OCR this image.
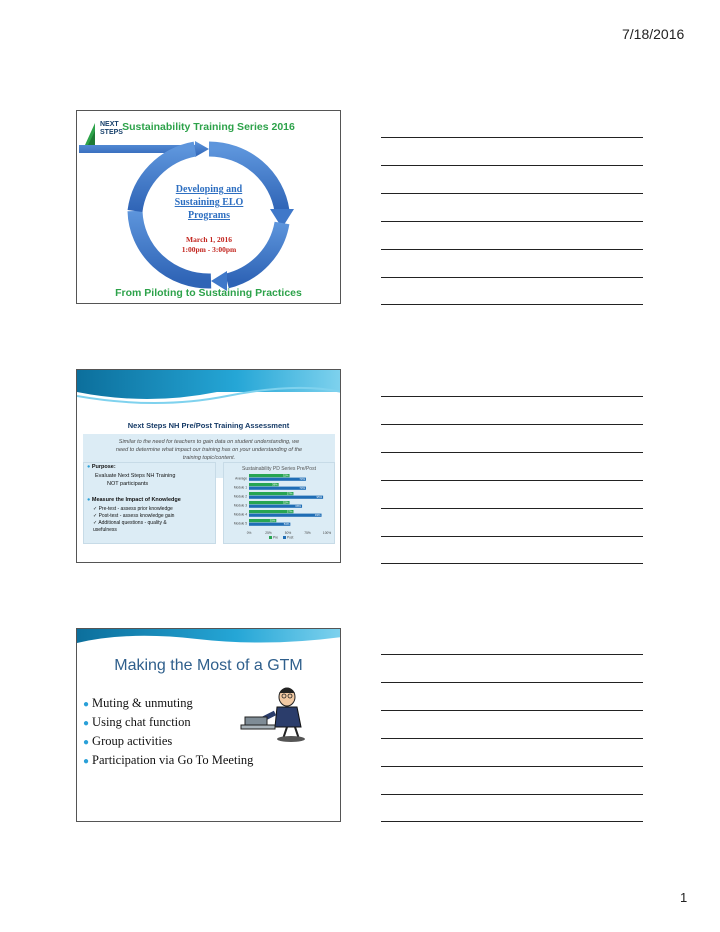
7/18/2016
NEXT
STEPS Sustainability Training Series 2016
Developing and
Sustaining ELO
Programs
March 1, 2016
1:00pm - 3:00pm
From Piloting to Sustaining Practices
Next Steps NH Pre/Post Training Assessment
Similar to the need for teachers to gain data on student understanding, we
need to determine what impact our training has on your understanding of the
training topic/content.
● Purpose:
Evaluate Next Steps NH Training
NOT participants
● Measure the Impact of Knowledge
✓ Pre-test - assess prior knowledge
✓ Post-test - assess knowledge gain
✓ Additional questions - quality &
usefulness
Sustainability PD Series Pre/Post
Average
52%
73%
Module 1
38%
73%
Module 2
57%
95%
Module 3
52%
68%
Module 4
57%
93%
Module 5
35%
53%
0%	25%	50%	75%	100%
Pre	Post
Making the Most of a GTM
● Muting & unmuting
● Using chat function
● Group activities
● Participation via Go To Meeting
1
